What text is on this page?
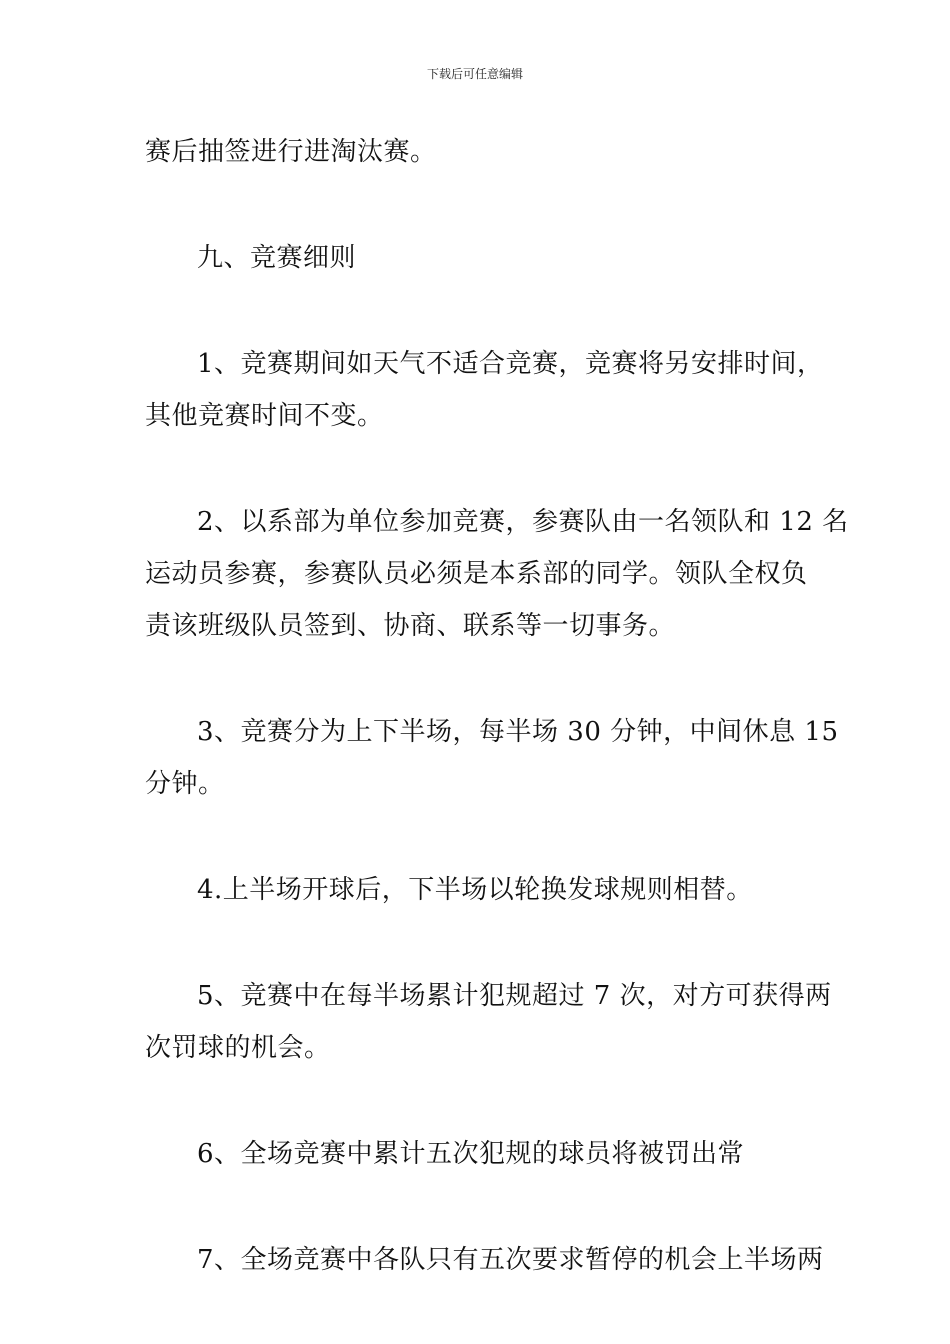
下载后可任意编辑

赛后抽签进行进淘汰赛。

九、竞赛细则

1、竞赛期间如天气不适合竞赛，竞赛将另安排时间，
其他竞赛时间不变。

2、以系部为单位参加竞赛，参赛队由一名领队和 12 名
运动员参赛，参赛队员必须是本系部的同学。领队全权负
责该班级队员签到、协商、联系等一切事务。

3、竞赛分为上下半场，每半场 30 分钟，中间休息 15
分钟。

4.上半场开球后，下半场以轮换发球规则相替。

5、竞赛中在每半场累计犯规超过 7 次，对方可获得两
次罚球的机会。

6、全场竞赛中累计五次犯规的球员将被罚出常

7、全场竞赛中各队只有五次要求暂停的机会上半场两
